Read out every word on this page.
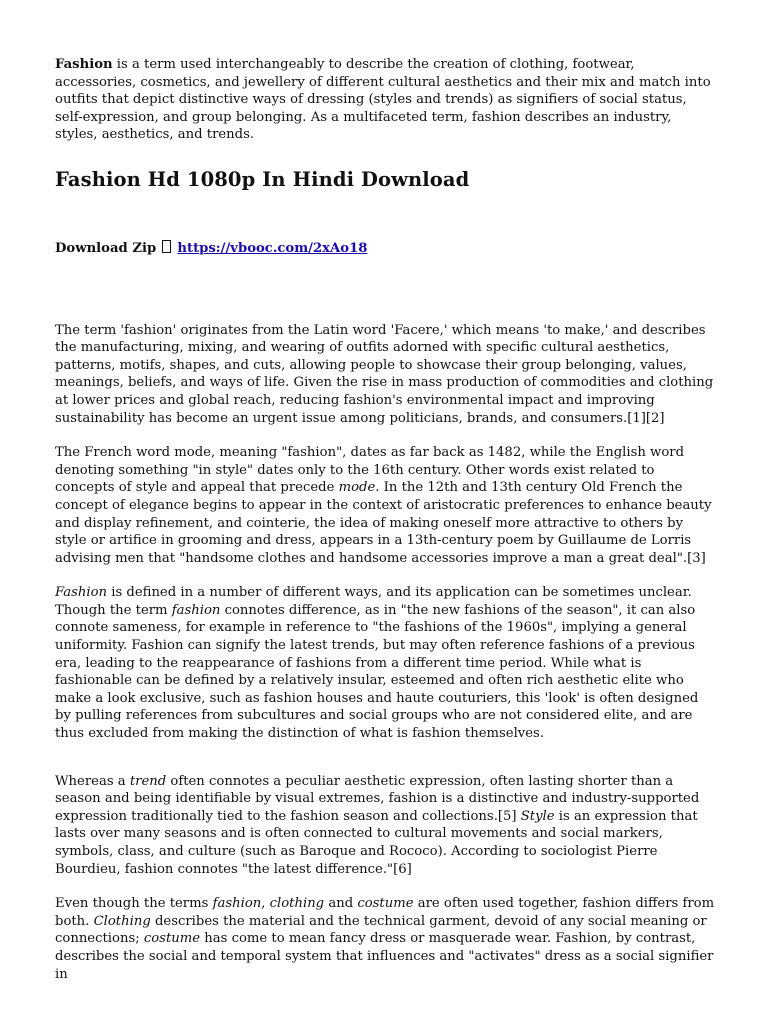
Fashion is a term used interchangeably to describe the creation of clothing, footwear, accessories, cosmetics, and jewellery of different cultural aesthetics and their mix and match into outfits that depict distinctive ways of dressing (styles and trends) as signifiers of social status, self-expression, and group belonging. As a multifaceted term, fashion describes an industry, styles, aesthetics, and trends.

Fashion Hd 1080p In Hindi Download

Download Zip https://vbooc.com/2xAo18

The term 'fashion' originates from the Latin word 'Facere,' which means 'to make,' and describes the manufacturing, mixing, and wearing of outfits adorned with specific cultural aesthetics, patterns, motifs, shapes, and cuts, allowing people to showcase their group belonging, values, meanings, beliefs, and ways of life. Given the rise in mass production of commodities and clothing at lower prices and global reach, reducing fashion's environmental impact and improving sustainability has become an urgent issue among politicians, brands, and consumers.[1][2]

The French word mode, meaning "fashion", dates as far back as 1482, while the English word denoting something "in style" dates only to the 16th century. Other words exist related to concepts of style and appeal that precede mode. In the 12th and 13th century Old French the concept of elegance begins to appear in the context of aristocratic preferences to enhance beauty and display refinement, and cointerie, the idea of making oneself more attractive to others by style or artifice in grooming and dress, appears in a 13th-century poem by Guillaume de Lorris advising men that "handsome clothes and handsome accessories improve a man a great deal".[3]

Fashion is defined in a number of different ways, and its application can be sometimes unclear. Though the term fashion connotes difference, as in "the new fashions of the season", it can also connote sameness, for example in reference to "the fashions of the 1960s", implying a general uniformity. Fashion can signify the latest trends, but may often reference fashions of a previous era, leading to the reappearance of fashions from a different time period. While what is fashionable can be defined by a relatively insular, esteemed and often rich aesthetic elite who make a look exclusive, such as fashion houses and haute couturiers, this 'look' is often designed by pulling references from subcultures and social groups who are not considered elite, and are thus excluded from making the distinction of what is fashion themselves.

Whereas a trend often connotes a peculiar aesthetic expression, often lasting shorter than a season and being identifiable by visual extremes, fashion is a distinctive and industry-supported expression traditionally tied to the fashion season and collections.[5] Style is an expression that lasts over many seasons and is often connected to cultural movements and social markers, symbols, class, and culture (such as Baroque and Rococo). According to sociologist Pierre Bourdieu, fashion connotes "the latest difference."[6]

Even though the terms fashion, clothing and costume are often used together, fashion differs from both. Clothing describes the material and the technical garment, devoid of any social meaning or connections; costume has come to mean fancy dress or masquerade wear. Fashion, by contrast, describes the social and temporal system that influences and "activates" dress as a social signifier in
